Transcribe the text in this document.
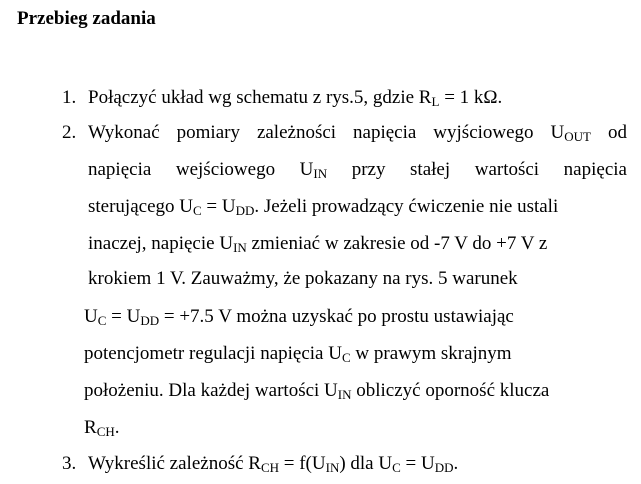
Przebieg zadania
1. Połączyć układ wg schematu z rys.5, gdzie $R_L = 1$ kΩ.
2. Wykonać pomiary zależności napięcia wyjściowego $U_{OUT}$ od
napięcia wejściowego $U_{IN}$ przy stałej wartości napięcia
sterującego $U_C = U_{DD}$. Jeżeli prowadzący ćwiczenie nie ustali
inaczej, napięcie $U_{IN}$ zmieniać w zakresie od -7 V do +7 V z
krokiem 1 V. Zauważmy, że pokazany na rys. 5 warunek
$U_C = U_{DD} = +7.5$ V można uzyskać po prostu ustawiając
potencjometr regulacji napięcia $U_C$ w prawym skrajnym
położeniu. Dla każdej wartości $U_{IN}$ obliczyć oporność klucza
$R_{CH}$.
3. Wykreślić zależność $R_{CH} = f(U_{IN})$ dla $U_C = U_{DD}$.
